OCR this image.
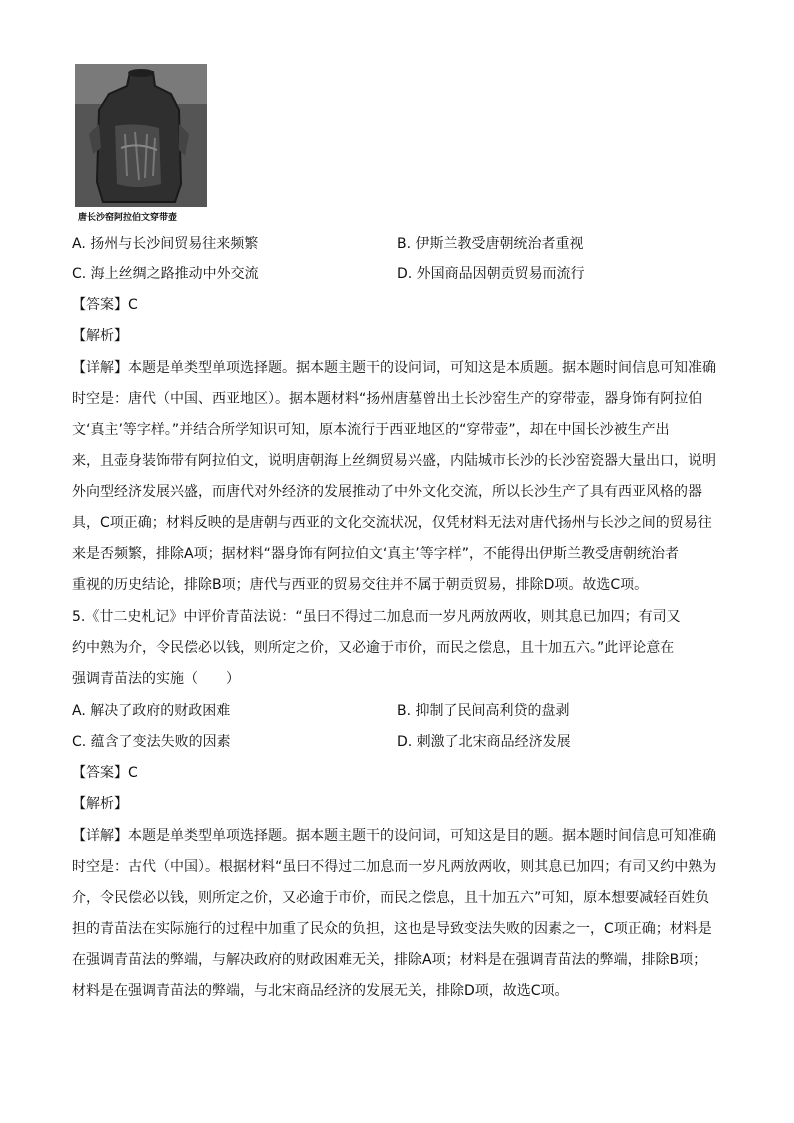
唐长沙窑阿拉伯文穿带壶
A. 扬州与长沙间贸易往来频繁	B. 伊斯兰教受唐朝统治者重视
C. 海上丝绸之路推动中外交流	D. 外国商品因朝贡贸易而流行
【答案】C
【解析】
【详解】本题是单类型单项选择题。据本题主题干的设问词，可知这是本质题。据本题时间信息可知准确
时空是：唐代（中国、西亚地区）。据本题材料“扬州唐墓曾出土长沙窑生产的穿带壶，器身饰有阿拉伯
文‘真主’等字样。”并结合所学知识可知，原本流行于西亚地区的“穿带壶”，却在中国长沙被生产出
来，且壶身装饰带有阿拉伯文，说明唐朝海上丝绸贸易兴盛，内陆城市长沙的长沙窑瓷器大量出口，说明
外向型经济发展兴盛，而唐代对外经济的发展推动了中外文化交流，所以长沙生产了具有西亚风格的器
具，C项正确；材料反映的是唐朝与西亚的文化交流状况，仅凭材料无法对唐代扬州与长沙之间的贸易往
来是否频繁，排除A项；据材料“器身饰有阿拉伯文‘真主’等字样”，不能得出伊斯兰教受唐朝统治者
重视的历史结论，排除B项；唐代与西亚的贸易交往并不属于朝贡贸易，排除D项。故选C项。
5.《廿二史札记》中评价青苗法说：“虽曰不得过二加息而一岁凡两放两收，则其息已加四；有司又
约中熟为介，令民偿必以钱，则所定之价，又必逾于市价，而民之偿息，且十加五六。”此评论意在
强调青苗法的实施（　　）
A. 解决了政府的财政困难	B. 抑制了民间高利贷的盘剥
C. 蕴含了变法失败的因素	D. 刺激了北宋商品经济发展
【答案】C
【解析】
【详解】本题是单类型单项选择题。据本题主题干的设问词，可知这是目的题。据本题时间信息可知准确
时空是：古代（中国）。根据材料“虽曰不得过二加息而一岁凡两放两收，则其息已加四；有司又约中熟为
介，令民偿必以钱，则所定之价，又必逾于市价，而民之偿息，且十加五六”可知，原本想要减轻百姓负
担的青苗法在实际施行的过程中加重了民众的负担，这也是导致变法失败的因素之一，C项正确；材料是
在强调青苗法的弊端，与解决政府的财政困难无关，排除A项；材料是在强调青苗法的弊端，排除B项；
材料是在强调青苗法的弊端，与北宋商品经济的发展无关，排除D项，故选C项。
